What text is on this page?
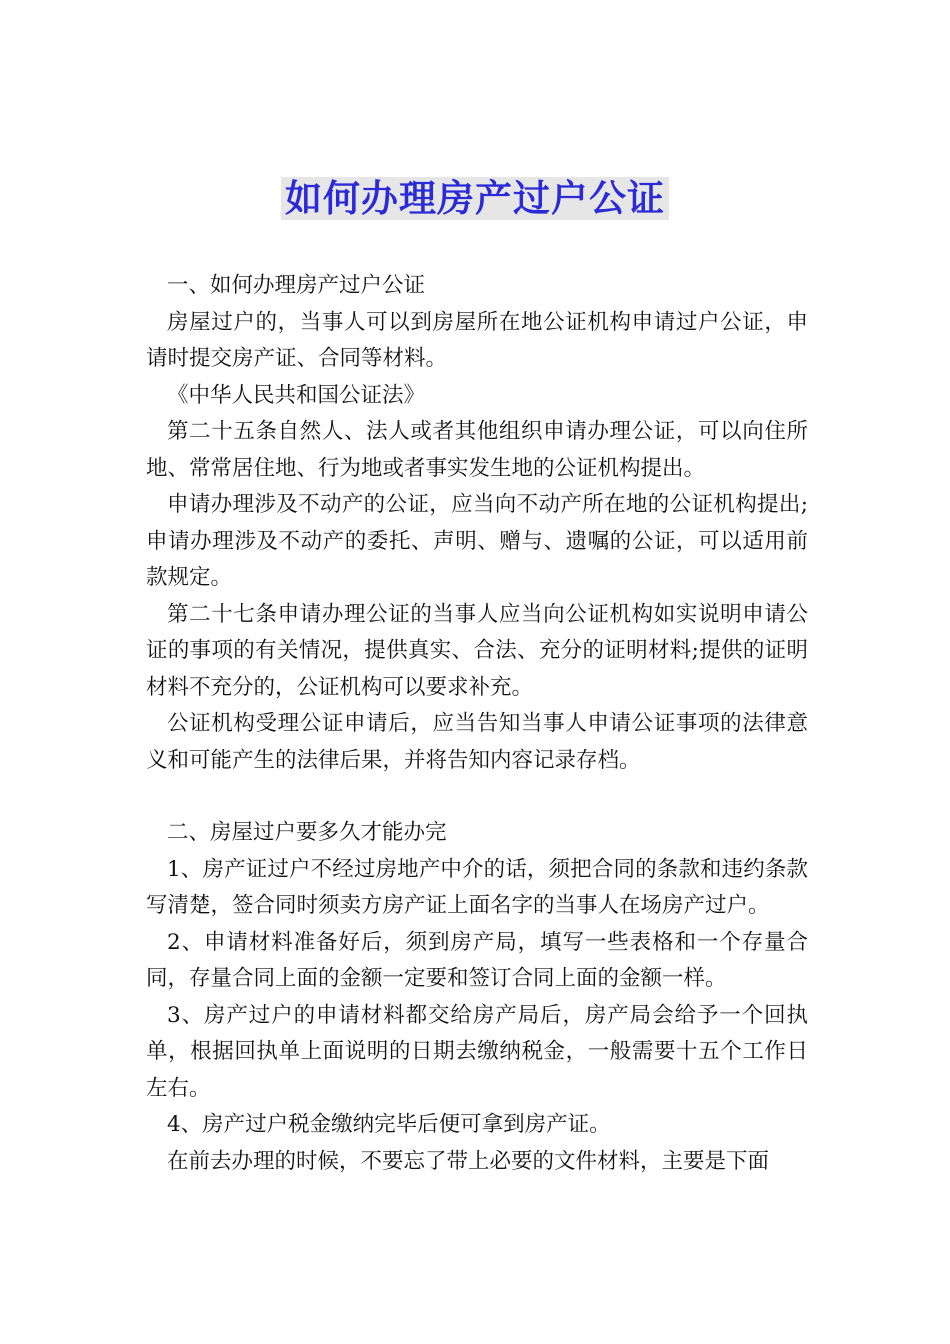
如何办理房产过户公证

一、如何办理房产过户公证

房屋过户的，当事人可以到房屋所在地公证机构申请过户公证，申请时提交房产证、合同等材料。

《中华人民共和国公证法》

第二十五条自然人、法人或者其他组织申请办理公证，可以向住所地、常常居住地、行为地或者事实发生地的公证机构提出。

申请办理涉及不动产的公证，应当向不动产所在地的公证机构提出;申请办理涉及不动产的委托、声明、赠与、遗嘱的公证，可以适用前款规定。

第二十七条申请办理公证的当事人应当向公证机构如实说明申请公证的事项的有关情况，提供真实、合法、充分的证明材料;提供的证明材料不充分的，公证机构可以要求补充。

公证机构受理公证申请后，应当告知当事人申请公证事项的法律意义和可能产生的法律后果，并将告知内容记录存档。

二、房屋过户要多久才能办完

1、房产证过户不经过房地产中介的话，须把合同的条款和违约条款写清楚，签合同时须卖方房产证上面名字的当事人在场房产过户。

2、申请材料准备好后，须到房产局，填写一些表格和一个存量合同，存量合同上面的金额一定要和签订合同上面的金额一样。

3、房产过户的申请材料都交给房产局后，房产局会给予一个回执单，根据回执单上面说明的日期去缴纳税金，一般需要十五个工作日左右。

4、房产过户税金缴纳完毕后便可拿到房产证。

在前去办理的时候，不要忘了带上必要的文件材料，主要是下面
